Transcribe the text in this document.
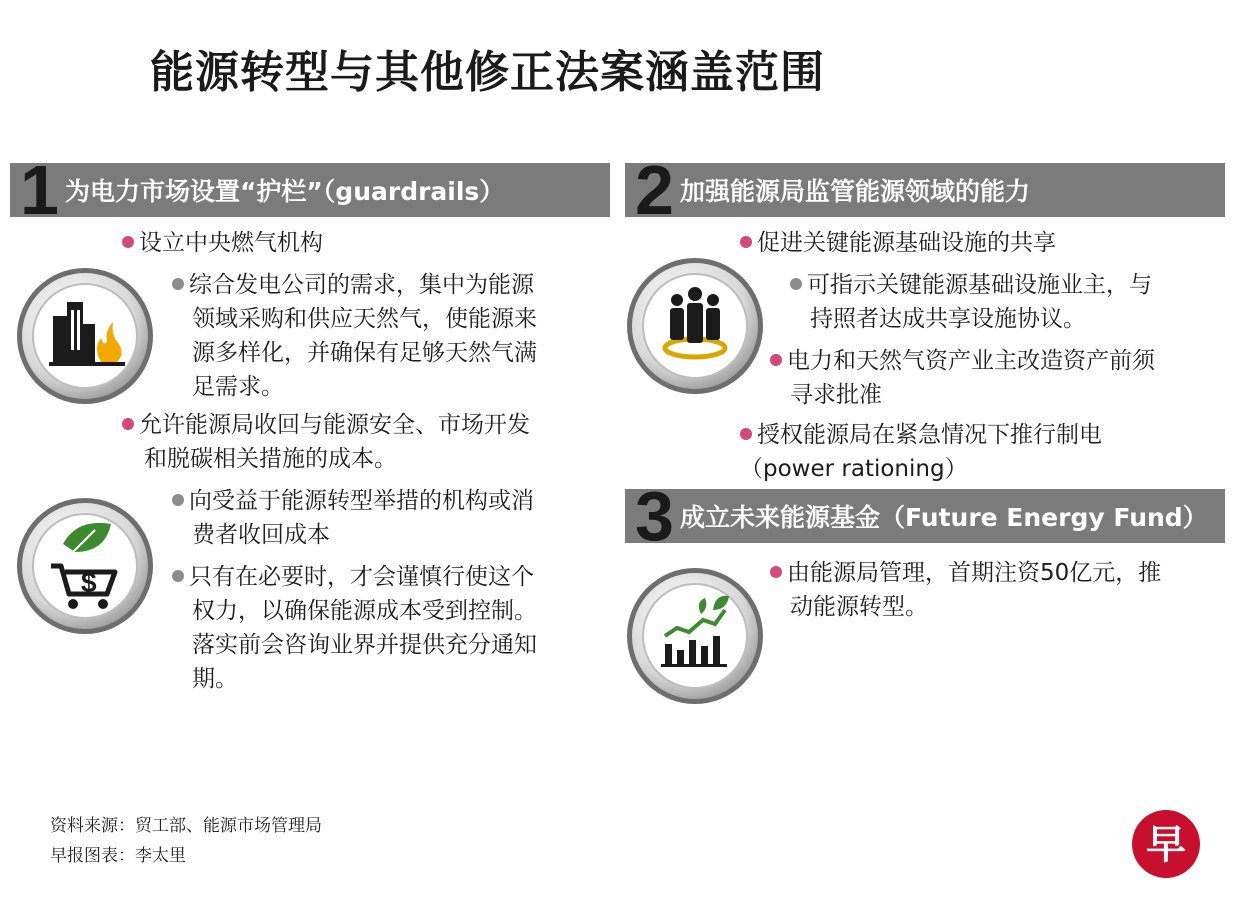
能源转型与其他修正法案涵盖范围
1 为电力市场设置“护栏”（guardrails） 2 加强能源局监管能源领域的能力
3 成立未来能源基金（Future Energy Fund）
设立中央燃气机构
综合发电公司的需求，集中为能源
领域采购和供应天然气，使能源来
源多样化，并确保有足够天然气满
足需求。
允许能源局收回与能源安全、市场开发
和脱碳相关措施的成本。
向受益于能源转型举措的机构或消
费者收回成本
只有在必要时，才会谨慎行使这个
权力，以确保能源成本受到控制。
落实前会咨询业界并提供充分通知
期。
促进关键能源基础设施的共享
可指示关键能源基础设施业主，与
持照者达成共享设施协议。
电力和天然气资产业主改造资产前须
寻求批准
授权能源局在紧急情况下推行制电
（power rationing）
由能源局管理，首期注资50亿元，推
动能源转型。
$
资料来源：贸工部、能源市场管理局
早报图表：李太里	早
